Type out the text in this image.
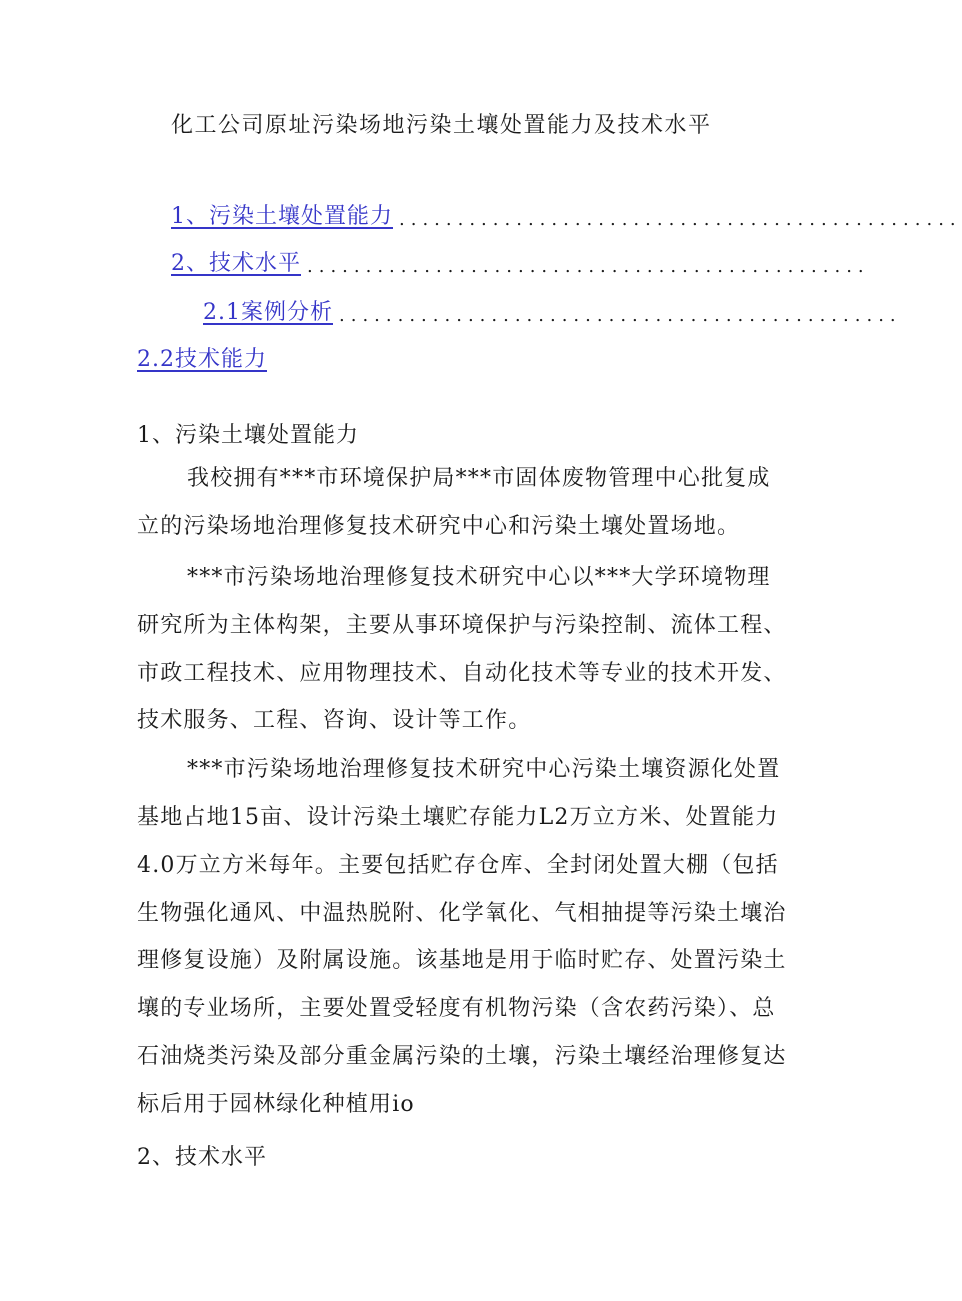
化工公司原址污染场地污染土壤处置能力及技术水平
1、污染土壤处置能力 ................................................
2、技术水平 ................................................
2.1案例分析 ................................................
2.2技术能力
1、污染土壤处置能力
我校拥有***市环境保护局***市固体废物管理中心批复成
立的污染场地治理修复技术研究中心和污染土壤处置场地。
***市污染场地治理修复技术研究中心以***大学环境物理
研究所为主体构架，主要从事环境保护与污染控制、流体工程、
市政工程技术、应用物理技术、自动化技术等专业的技术开发、
技术服务、工程、咨询、设计等工作。
***市污染场地治理修复技术研究中心污染土壤资源化处置
基地占地15亩、设计污染土壤贮存能力L2万立方米、处置能力
4.0万立方米每年。主要包括贮存仓库、全封闭处置大棚（包括
生物强化通风、中温热脱附、化学氧化、气相抽提等污染土壤治
理修复设施）及附属设施。该基地是用于临时贮存、处置污染土
壤的专业场所，主要处置受轻度有机物污染（含农药污染）、总
石油烧类污染及部分重金属污染的土壤，污染土壤经治理修复达
标后用于园林绿化种植用io
2、技术水平
